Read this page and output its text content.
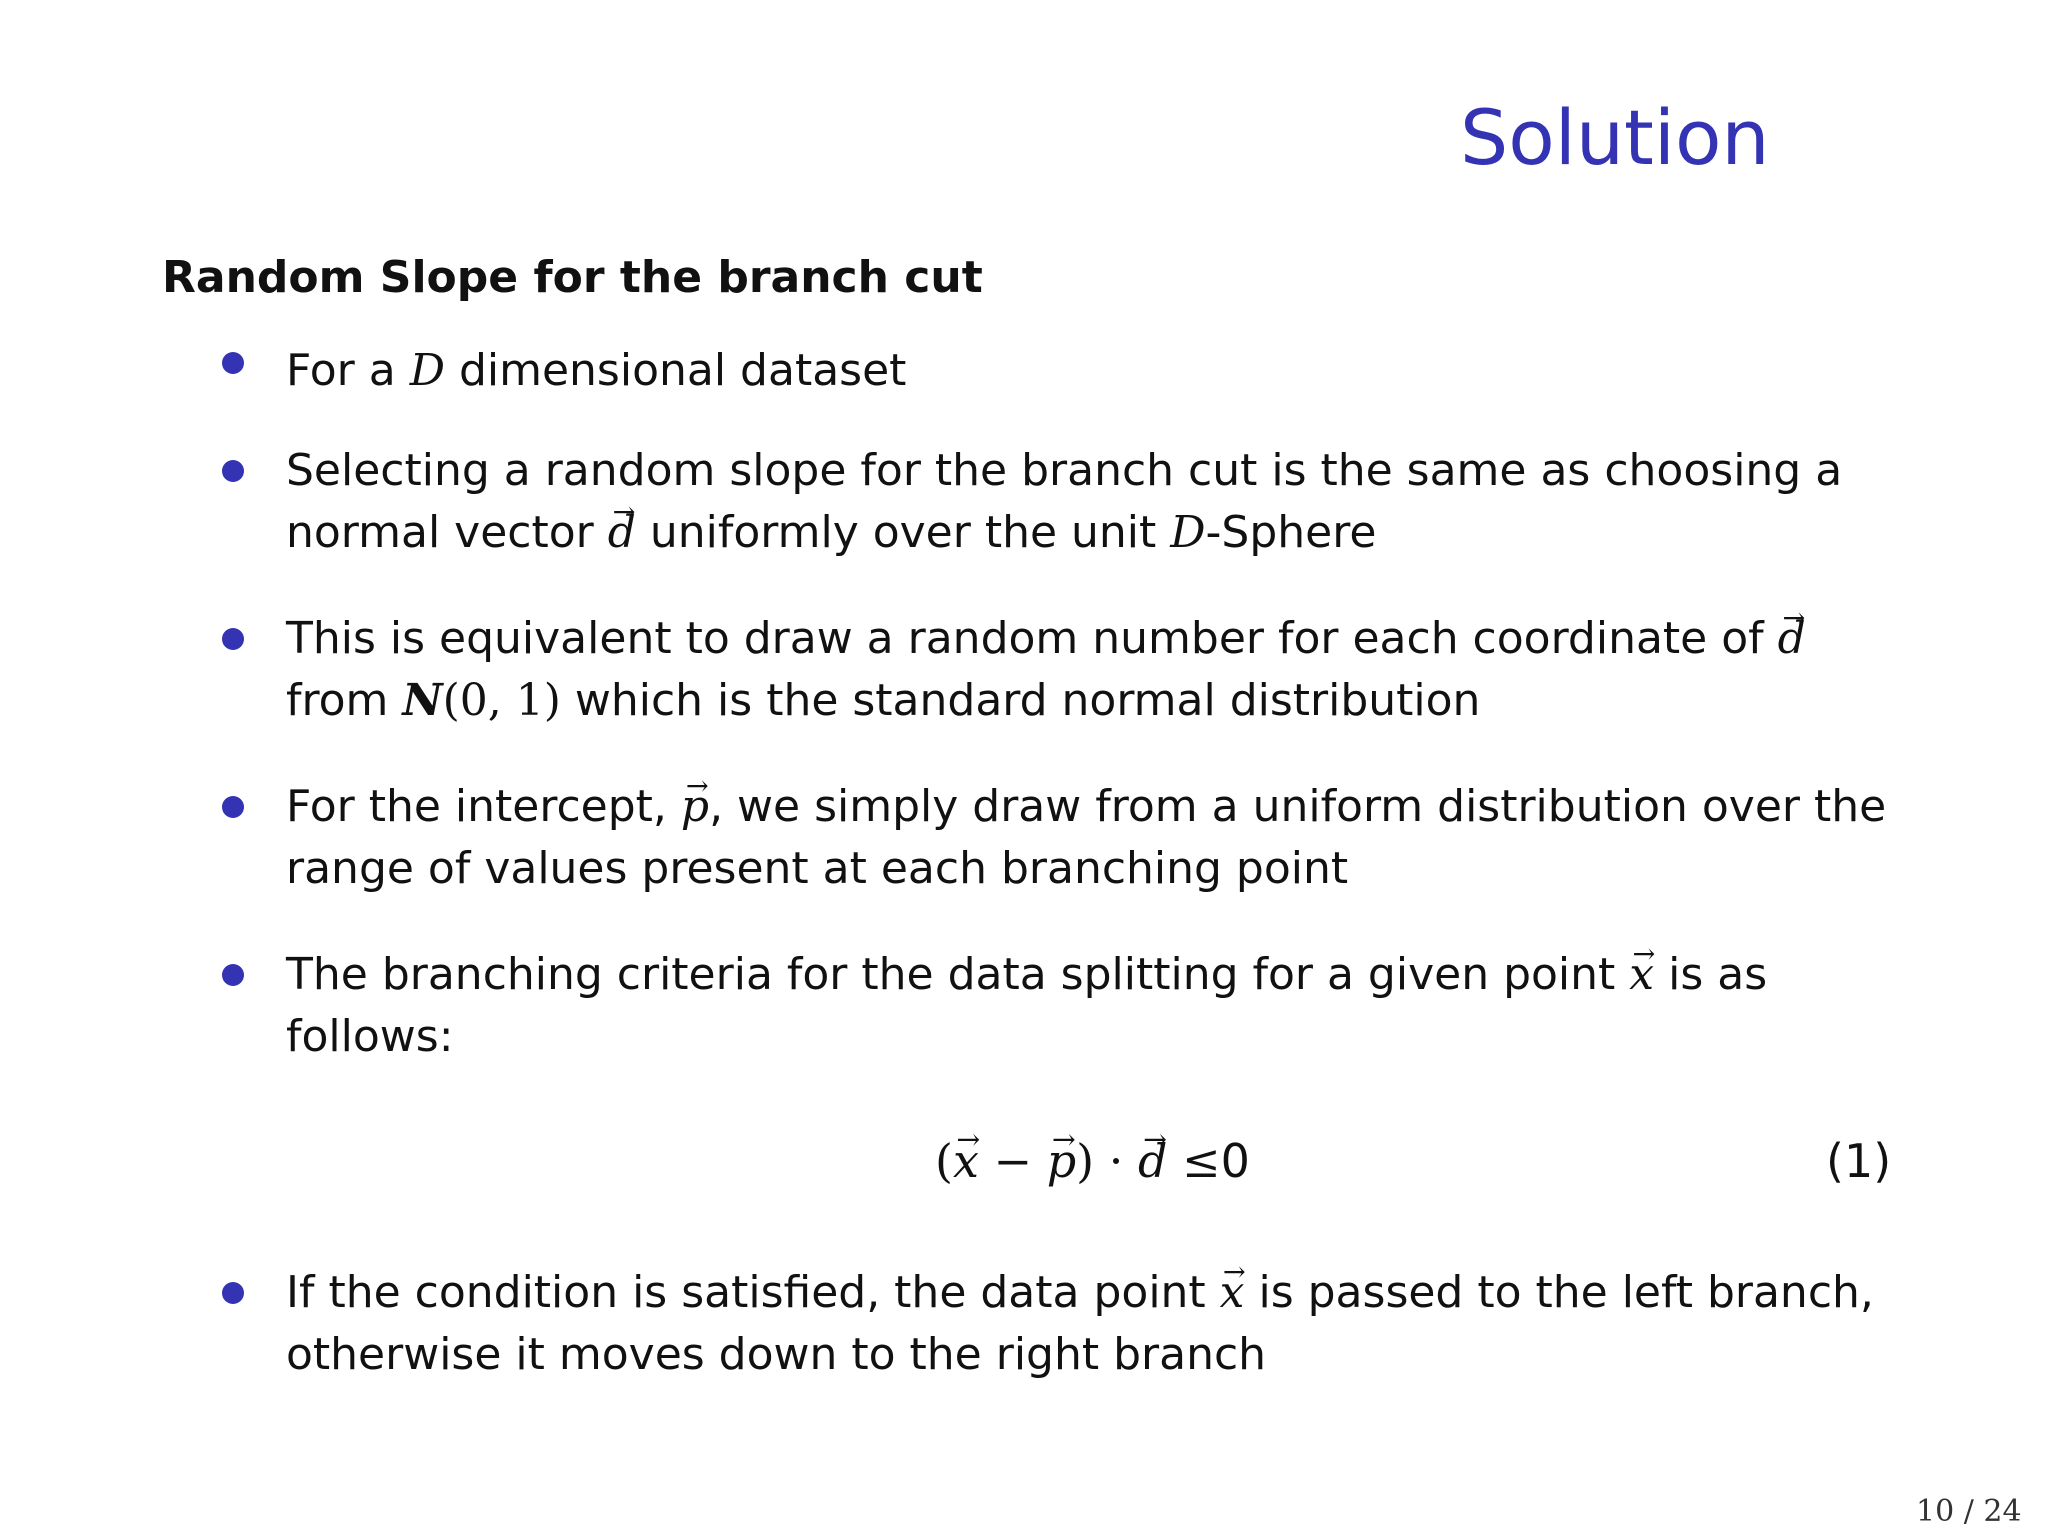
Solution
Random Slope for the branch cut
For a D dimensional dataset
Selecting a random slope for the branch cut is the same as choosing a
normal vector → d uniformly over the unit D-Sphere
This is equivalent to draw a random number for each coordinate of → d
from N(0, 1) which is the standard normal distribution
For the intercept, → p, we simply draw from a uniform distribution over the
range of values present at each branching point
The branching criteria for the data splitting for a given point → x is as
follows:
(→ x − → p) · → d ≤0	(1)
If the condition is satisfied, the data point → x is passed to the left branch,
otherwise it moves down to the right branch
10 / 24
